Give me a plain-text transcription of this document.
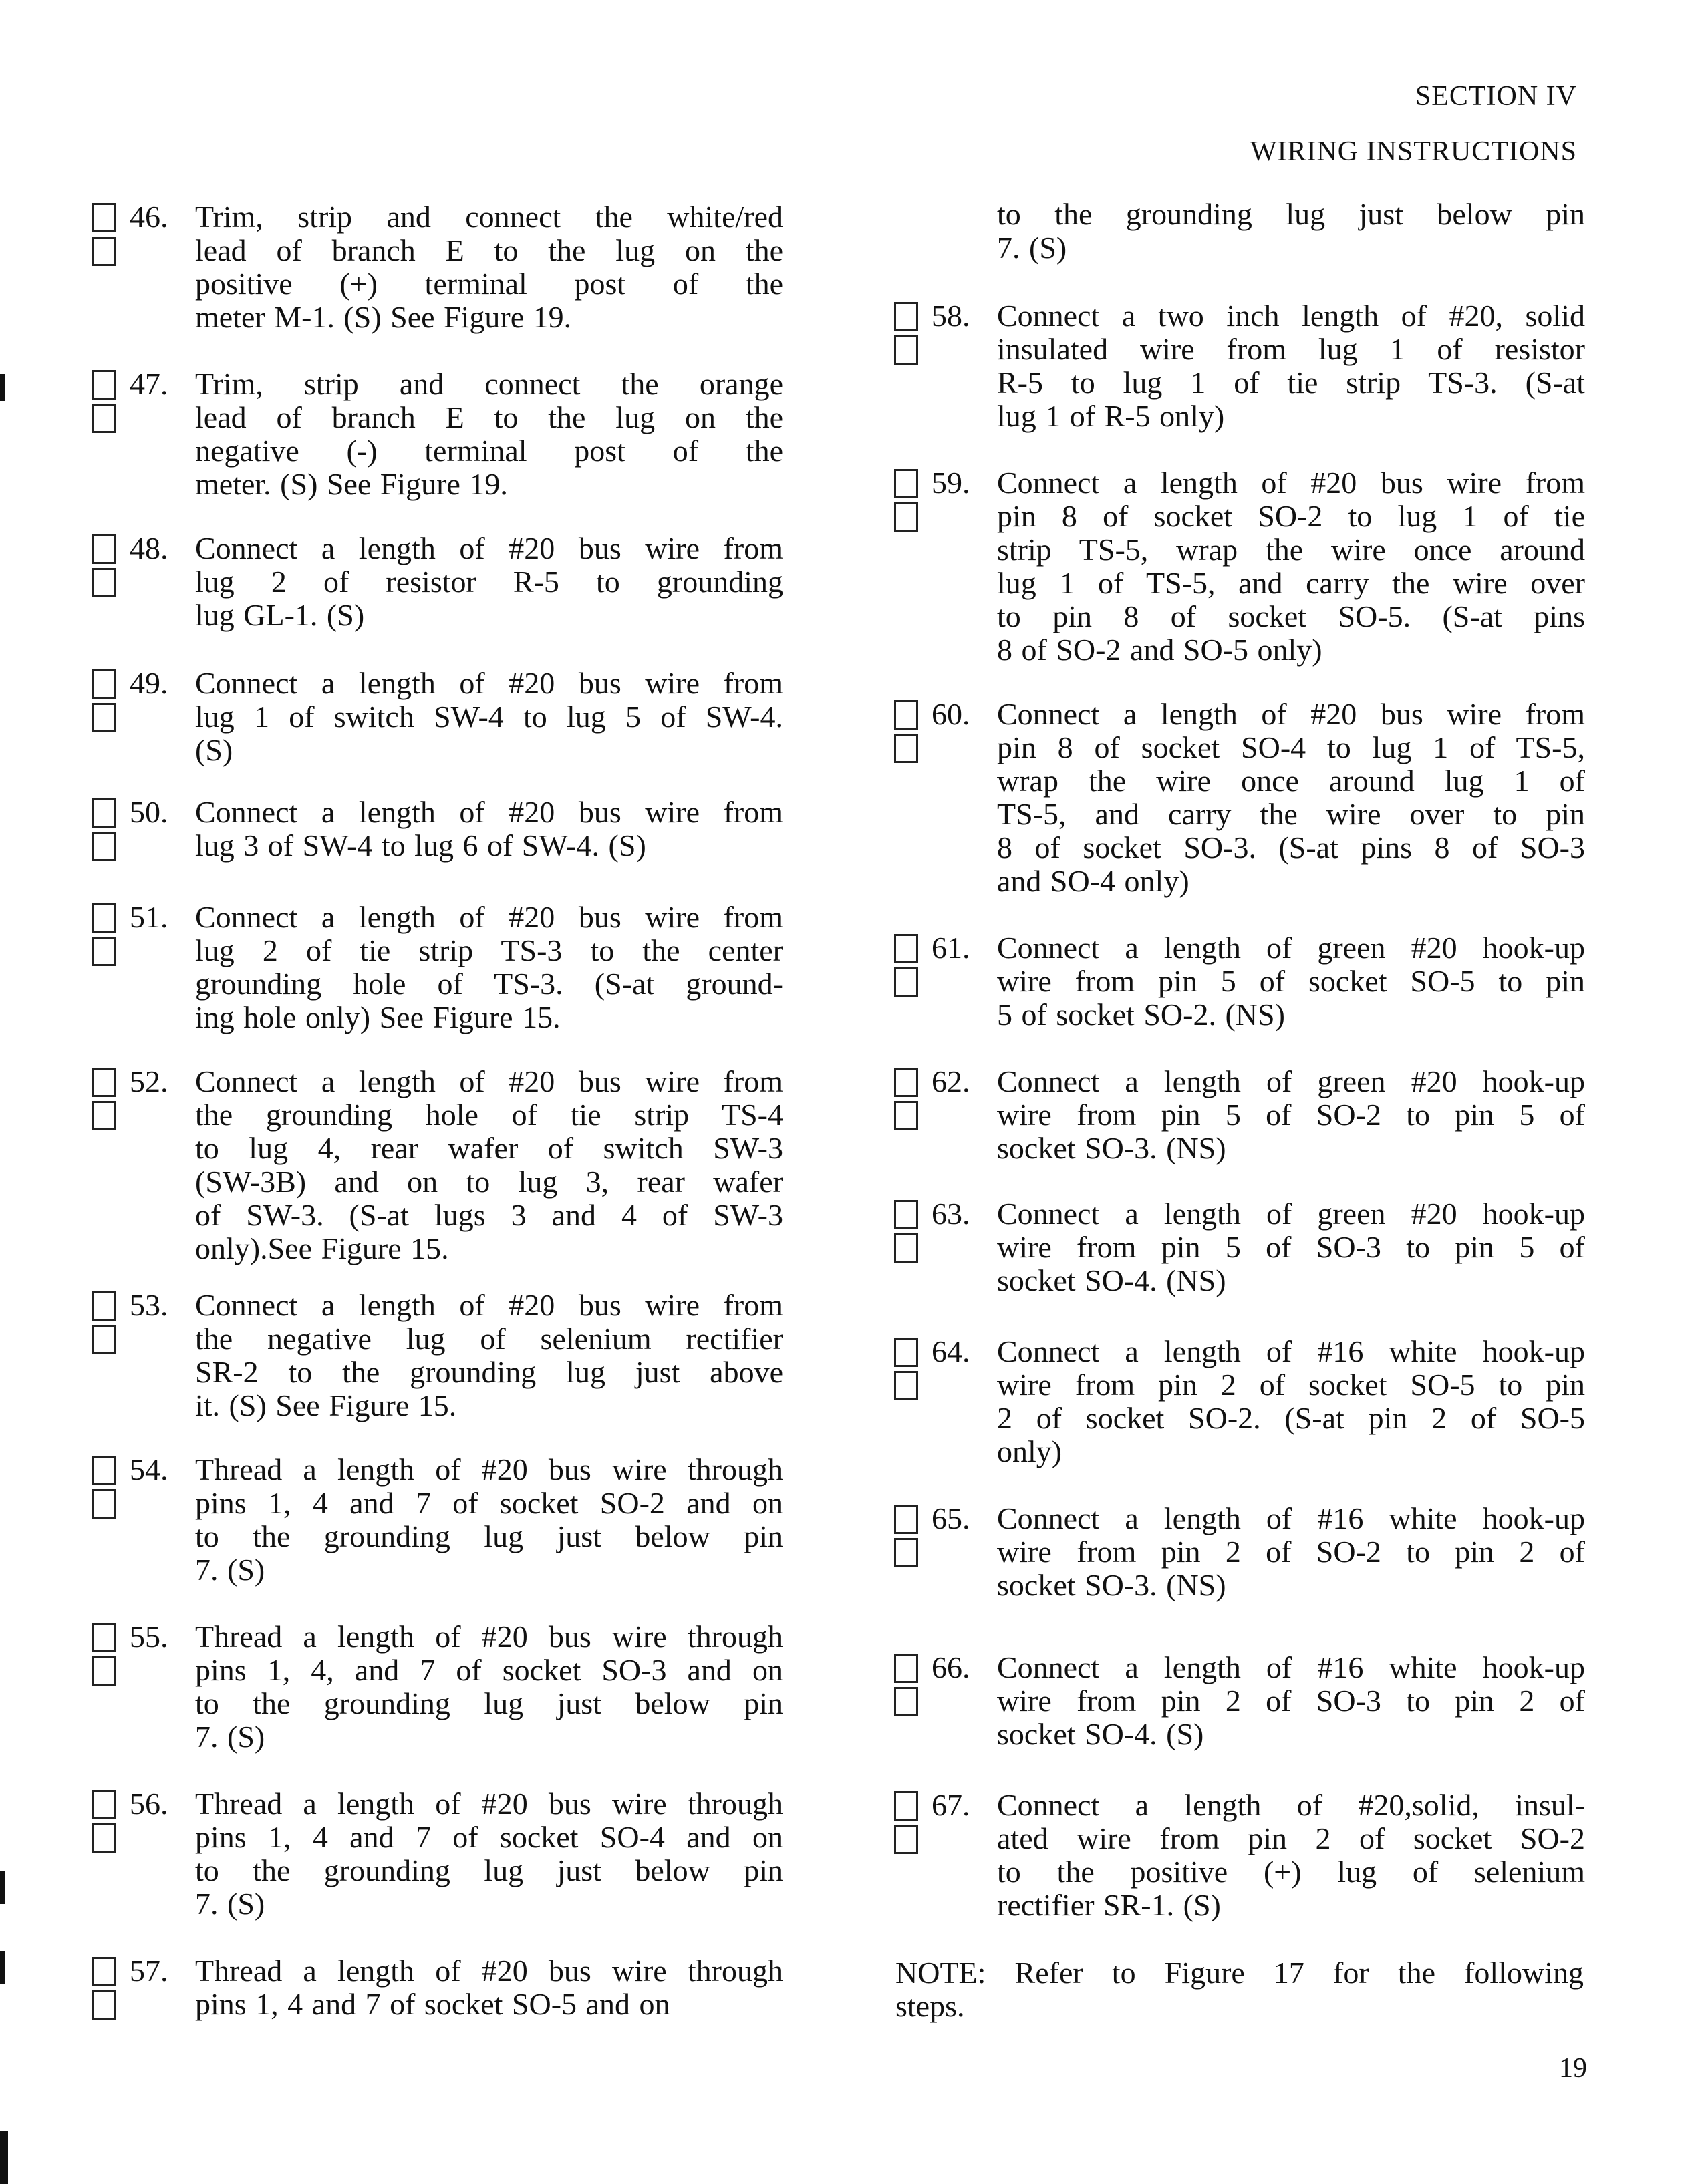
SECTION IV
WIRING INSTRUCTIONS
46. Trim, strip and connect the white/red
lead of branch E to the lug on the
positive (+) terminal post of the
meter M-1. (S) See Figure 19.
47. Trim, strip and connect the orange
lead of branch E to the lug on the
negative (-) terminal post of the
meter. (S) See Figure 19.
48. Connect a length of #20 bus wire from
lug 2 of resistor R-5 to grounding
lug GL-1. (S)
49. Connect a length of #20 bus wire from
lug 1 of switch SW-4 to lug 5 of SW-4.
(S)
50. Connect a length of #20 bus wire from
lug 3 of SW-4 to lug 6 of SW-4. (S)
51. Connect a length of #20 bus wire from
lug 2 of tie strip TS-3 to the center
grounding hole of TS-3. (S-at ground-
ing hole only) See Figure 15.
52. Connect a length of #20 bus wire from
the grounding hole of tie strip TS-4
to lug 4, rear wafer of switch SW-3
(SW-3B) and on to lug 3, rear wafer
of SW-3. (S-at lugs 3 and 4 of SW-3
only).See Figure 15.
53. Connect a length of #20 bus wire from
the negative lug of selenium rectifier
SR-2 to the grounding lug just above
it. (S) See Figure 15.
54. Thread a length of #20 bus wire through
pins 1, 4 and 7 of socket SO-2 and on
to the grounding lug just below pin
7. (S)
55. Thread a length of #20 bus wire through
pins 1, 4, and 7 of socket SO-3 and on
to the grounding lug just below pin
7. (S)
56. Thread a length of #20 bus wire through
pins 1, 4 and 7 of socket SO-4 and on
to the grounding lug just below pin
7. (S)
57. Thread a length of #20 bus wire through
pins 1, 4 and 7 of socket SO-5 and on
to the grounding lug just below pin
7. (S)
58. Connect a two inch length of #20, solid
insulated wire from lug 1 of resistor
R-5 to lug 1 of tie strip TS-3. (S-at
lug 1 of R-5 only)
59. Connect a length of #20 bus wire from
pin 8 of socket SO-2 to lug 1 of tie
strip TS-5, wrap the wire once around
lug 1 of TS-5, and carry the wire over
to pin 8 of socket SO-5. (S-at pins
8 of SO-2 and SO-5 only)
60. Connect a length of #20 bus wire from
pin 8 of socket SO-4 to lug 1 of TS-5,
wrap the wire once around lug 1 of
TS-5, and carry the wire over to pin
8 of socket SO-3. (S-at pins 8 of SO-3
and SO-4 only)
61. Connect a length of green #20 hook-up
wire from pin 5 of socket SO-5 to pin
5 of socket SO-2. (NS)
62. Connect a length of green #20 hook-up
wire from pin 5 of SO-2 to pin 5 of
socket SO-3. (NS)
63. Connect a length of green #20 hook-up
wire from pin 5 of SO-3 to pin 5 of
socket SO-4. (NS)
64. Connect a length of #16 white hook-up
wire from pin 2 of socket SO-5 to pin
2 of socket SO-2. (S-at pin 2 of SO-5
only)
65. Connect a length of #16 white hook-up
wire from pin 2 of SO-2 to pin 2 of
socket SO-3. (NS)
66. Connect a length of #16 white hook-up
wire from pin 2 of SO-3 to pin 2 of
socket SO-4. (S)
67. Connect a length of #20,solid, insul-
ated wire from pin 2 of socket SO-2
to the positive (+) lug of selenium
rectifier SR-1. (S)
NOTE: Refer to Figure 17 for the following
steps.
19
